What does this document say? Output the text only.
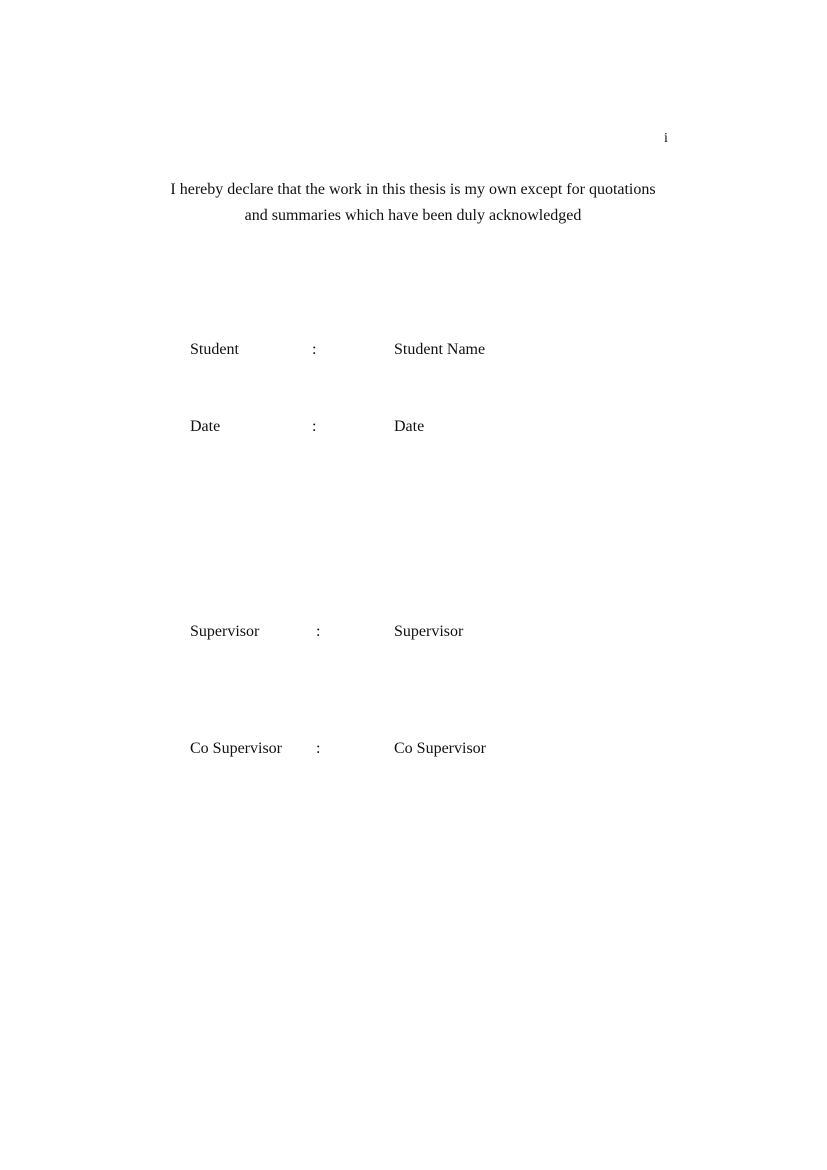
i
I hereby declare that the work in this thesis is my own except for quotations
and summaries which have been duly acknowledged
Student	:	Student Name
Date	:	Date
Supervisor	:	Supervisor
Co Supervisor :	Co Supervisor
